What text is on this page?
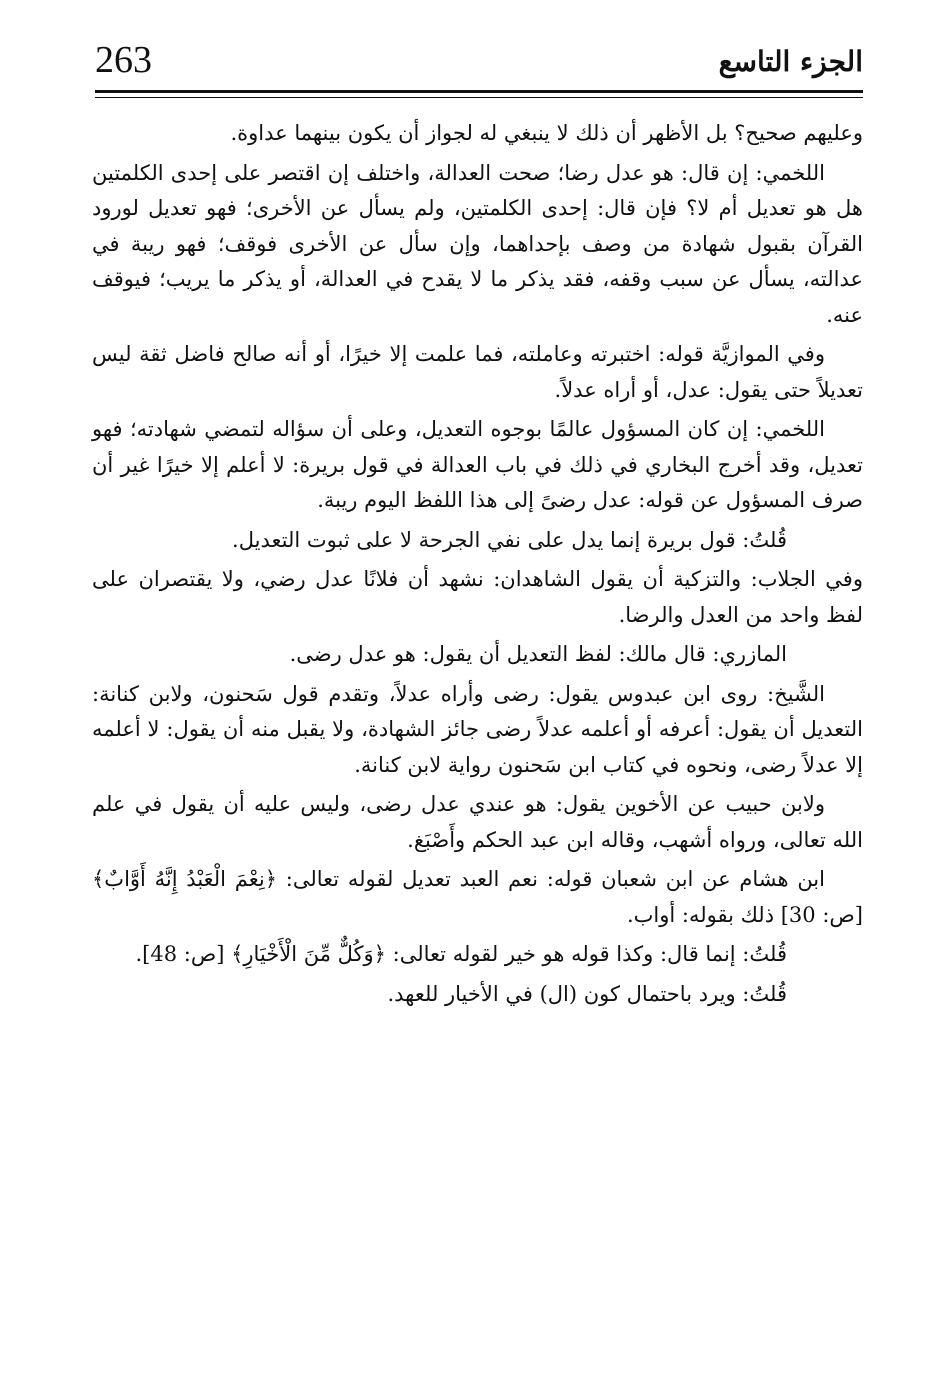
263	الجزء التاسع

وعليهم صحيح؟ بل الأظهر أن ذلك لا ينبغي له لجواز أن يكون بينهما عداوة.

اللخمي: إن قال: هو عدل رضا؛ صحت العدالة، واختلف إن اقتصر على إحدى الكلمتين هل هو تعديل أم لا؟ فإن قال: إحدى الكلمتين، ولم يسأل عن الأخرى؛ فهو تعديل لورود القرآن بقبول شهادة من وصف بإحداهما، وإن سأل عن الأخرى فوقف؛ فهو ريبة في عدالته، يسأل عن سبب وقفه، فقد يذكر ما لا يقدح في العدالة، أو يذكر ما يريب؛ فيوقف عنه.

وفي الموازيَّة قوله: اختبرته وعاملته، فما علمت إلا خيرًا، أو أنه صالح فاضل ثقة ليس تعديلاً حتى يقول: عدل، أو أراه عدلاً.

اللخمي: إن كان المسؤول عالمًا بوجوه التعديل، وعلى أن سؤاله لتمضي شهادته؛ فهو تعديل، وقد أخرج البخاري في ذلك في باب العدالة في قول بريرة: لا أعلم إلا خيرًا غير أن صرف المسؤول عن قوله: عدل رضىً إلى هذا اللفظ اليوم ريبة.

قُلتُ: قول بريرة إنما يدل على نفي الجرحة لا على ثبوت التعديل.

وفي الجلاب: والتزكية أن يقول الشاهدان: نشهد أن فلانًا عدل رضي، ولا يقتصران على لفظ واحد من العدل والرضا.

المازري: قال مالك: لفظ التعديل أن يقول: هو عدل رضى.

الشَّيخ: روى ابن عبدوس يقول: رضى وأراه عدلاً، وتقدم قول سَحنون، ولابن كنانة: التعديل أن يقول: أعرفه أو أعلمه عدلاً رضى جائز الشهادة، ولا يقبل منه أن يقول: لا أعلمه إلا عدلاً رضى، ونحوه في كتاب ابن سَحنون رواية لابن كنانة.

ولابن حبيب عن الأخوين يقول: هو عندي عدل رضى، وليس عليه أن يقول في علم الله تعالى، ورواه أشهب، وقاله ابن عبد الحكم وأَصْبَغ.

ابن هشام عن ابن شعبان قوله: نعم العبد تعديل لقوله تعالى: ﴿نِعْمَ الْعَبْدُ إِنَّهُ أَوَّابٌ﴾ [ص: 30] ذلك بقوله: أواب.

قُلتُ: إنما قال: وكذا قوله هو خير لقوله تعالى: ﴿وَكُلٌّ مِّنَ الْأَخْيَارِ﴾ [ص: 48].

قُلتُ: ويرد باحتمال كون (ال) في الأخيار للعهد.
